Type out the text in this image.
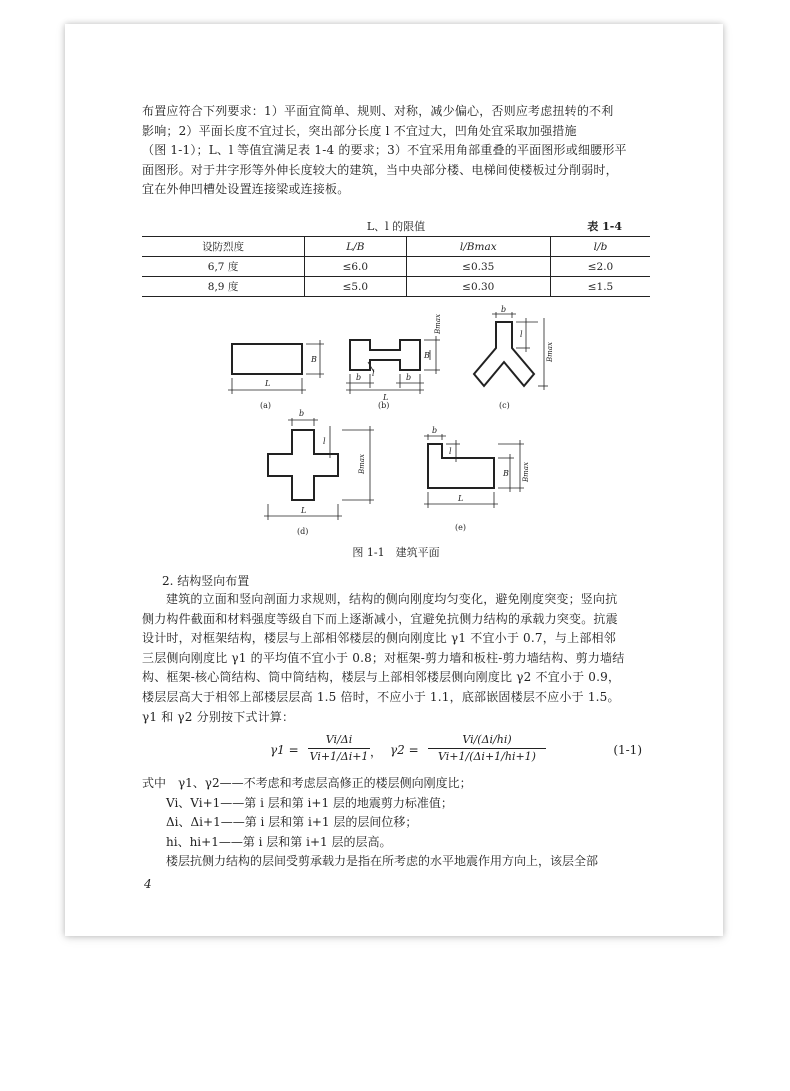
布置应符合下列要求：1）平面宜简单、规则、对称，减少偏心，否则应考虑扭转的不利
影响；2）平面长度不宜过长，突出部分长度 l 不宜过大，凹角处宜采取加强措施
（图 1-1）；L、l 等值宜满足表 1-4 的要求；3）不宜采用角部重叠的平面图形或细腰形平
面图形。对于井字形等外伸长度较大的建筑，当中央部分楼、电梯间使楼板过分削弱时，
宜在外伸凹槽处设置连接梁或连接板。
L、l 的限值	表 1-4
设防烈度	L/B	l/Bmax	l/b
6,7 度	≤6.0	≤0.35	≤2.0
8,9 度	≤5.0	≤0.30	≤1.5
L
B
(a)
L
b	b
l
B
Bmax
(b)
b
l
Bmax
(c)
b
l
L
Bmax
(d)
b
l
L
B Bmax
(e)
图 1-1　建筑平面
2. 结构竖向布置
建筑的立面和竖向剖面力求规则，结构的侧向刚度均匀变化，避免刚度突变；竖向抗
侧力构件截面和材料强度等级自下而上逐渐减小，宜避免抗侧力结构的承载力突变。抗震
设计时，对框架结构，楼层与上部相邻楼层的侧向刚度比 γ1 不宜小于 0.7，与上部相邻
三层侧向刚度比 γ1 的平均值不宜小于 0.8；对框架-剪力墙和板柱-剪力墙结构、剪力墙结
构、框架-核心筒结构、筒中筒结构，楼层与上部相邻楼层侧向刚度比 γ2 不宜小于 0.9，
楼层层高大于相邻上部楼层层高 1.5 倍时，不应小于 1.1，底部嵌固楼层不应小于 1.5。
γ1 和 γ2 分别按下式计算：
$\gamma 1 = \frac{Vi/\Delta i}{Vi+1/\Delta i+1}$ ， $\gamma 2 = \frac{Vi/(\Delta i/hi)}{Vi+1/(\Delta i+1/hi+1)}$	(1-1)
式中　γ1、γ2——不考虑和考虑层高修正的楼层侧向刚度比；
　　Vi、Vi+1——第 i 层和第 i+1 层的地震剪力标准值；
　　Δi、Δi+1——第 i 层和第 i+1 层的层间位移；
　　hi、hi+1——第 i 层和第 i+1 层的层高。
　　楼层抗侧力结构的层间受剪承载力是指在所考虑的水平地震作用方向上，该层全部
4
